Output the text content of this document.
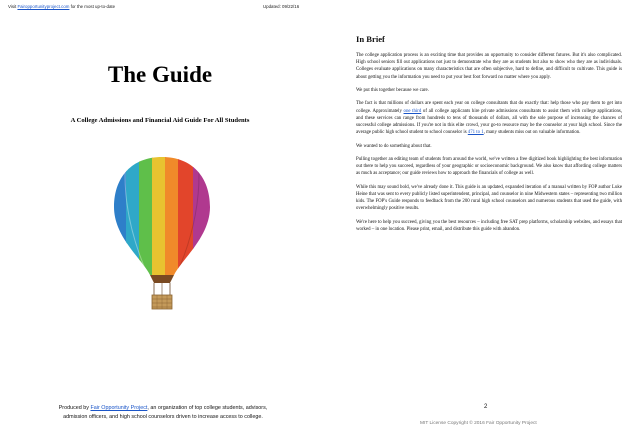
Visit Fairopportunityproject.com for the most up-to-date	Updated: 09/22/16
The Guide
A College Admissions and Financial Aid Guide For All Students
Produced by Fair Opportunity Project, an organization of top college students, advisors,
admission officers, and high school counselors driven to increase access to college.
In Brief

The college application process is an exciting time that provides an opportunity to consider different futures. But it's also complicated. High school seniors fill out applications not just to demonstrate who they are as students but also to show who they are as individuals. Colleges evaluate applications on many characteristics that are often subjective, hard to define, and difficult to cultivate. This guide is about getting you the information you need to put your best foot forward no matter where you apply.

We put this together because we care.

The fact is that millions of dollars are spent each year on college consultants that do exactly that: help those who pay them to get into college. Approximately one third of all college applicants hire private admissions consultants to assist them with college applications, and these services can range from hundreds to tens of thousands of dollars, all with the sole purpose of increasing the chances of successful college admissions. If you're not in this elite crowd, your go-to resource may be the counselor at your high school. Since the average public high school student to school counselor is 471 to 1, many students miss out on valuable information.

We wanted to do something about that.

Pulling together an editing team of students from around the world, we've written a free digitized book highlighting the best information out there to help you succeed, regardless of your geographic or socioeconomic background. We also know that affording college matters as much as acceptance; our guide reviews how to approach the financials of college as well.

While this may sound bold, we've already done it. This guide is an updated, expanded iteration of a manual written by FOP author Luke Heine that was sent to every publicly listed superintendent, principal, and counselor in nine Midwestern states – representing two million kids. The FOP's Guide responds to feedback from the 200 rural high school counselors and numerous students that used the guide, with overwhelmingly positive results.

We're here to help you succeed, giving you the best resources – including free SAT prep platforms, scholarship websites, and essays that worked – in one location. Please print, email, and distribute this guide with abandon.

2
MIT License Copyright © 2016 Fair Opportunity Project
